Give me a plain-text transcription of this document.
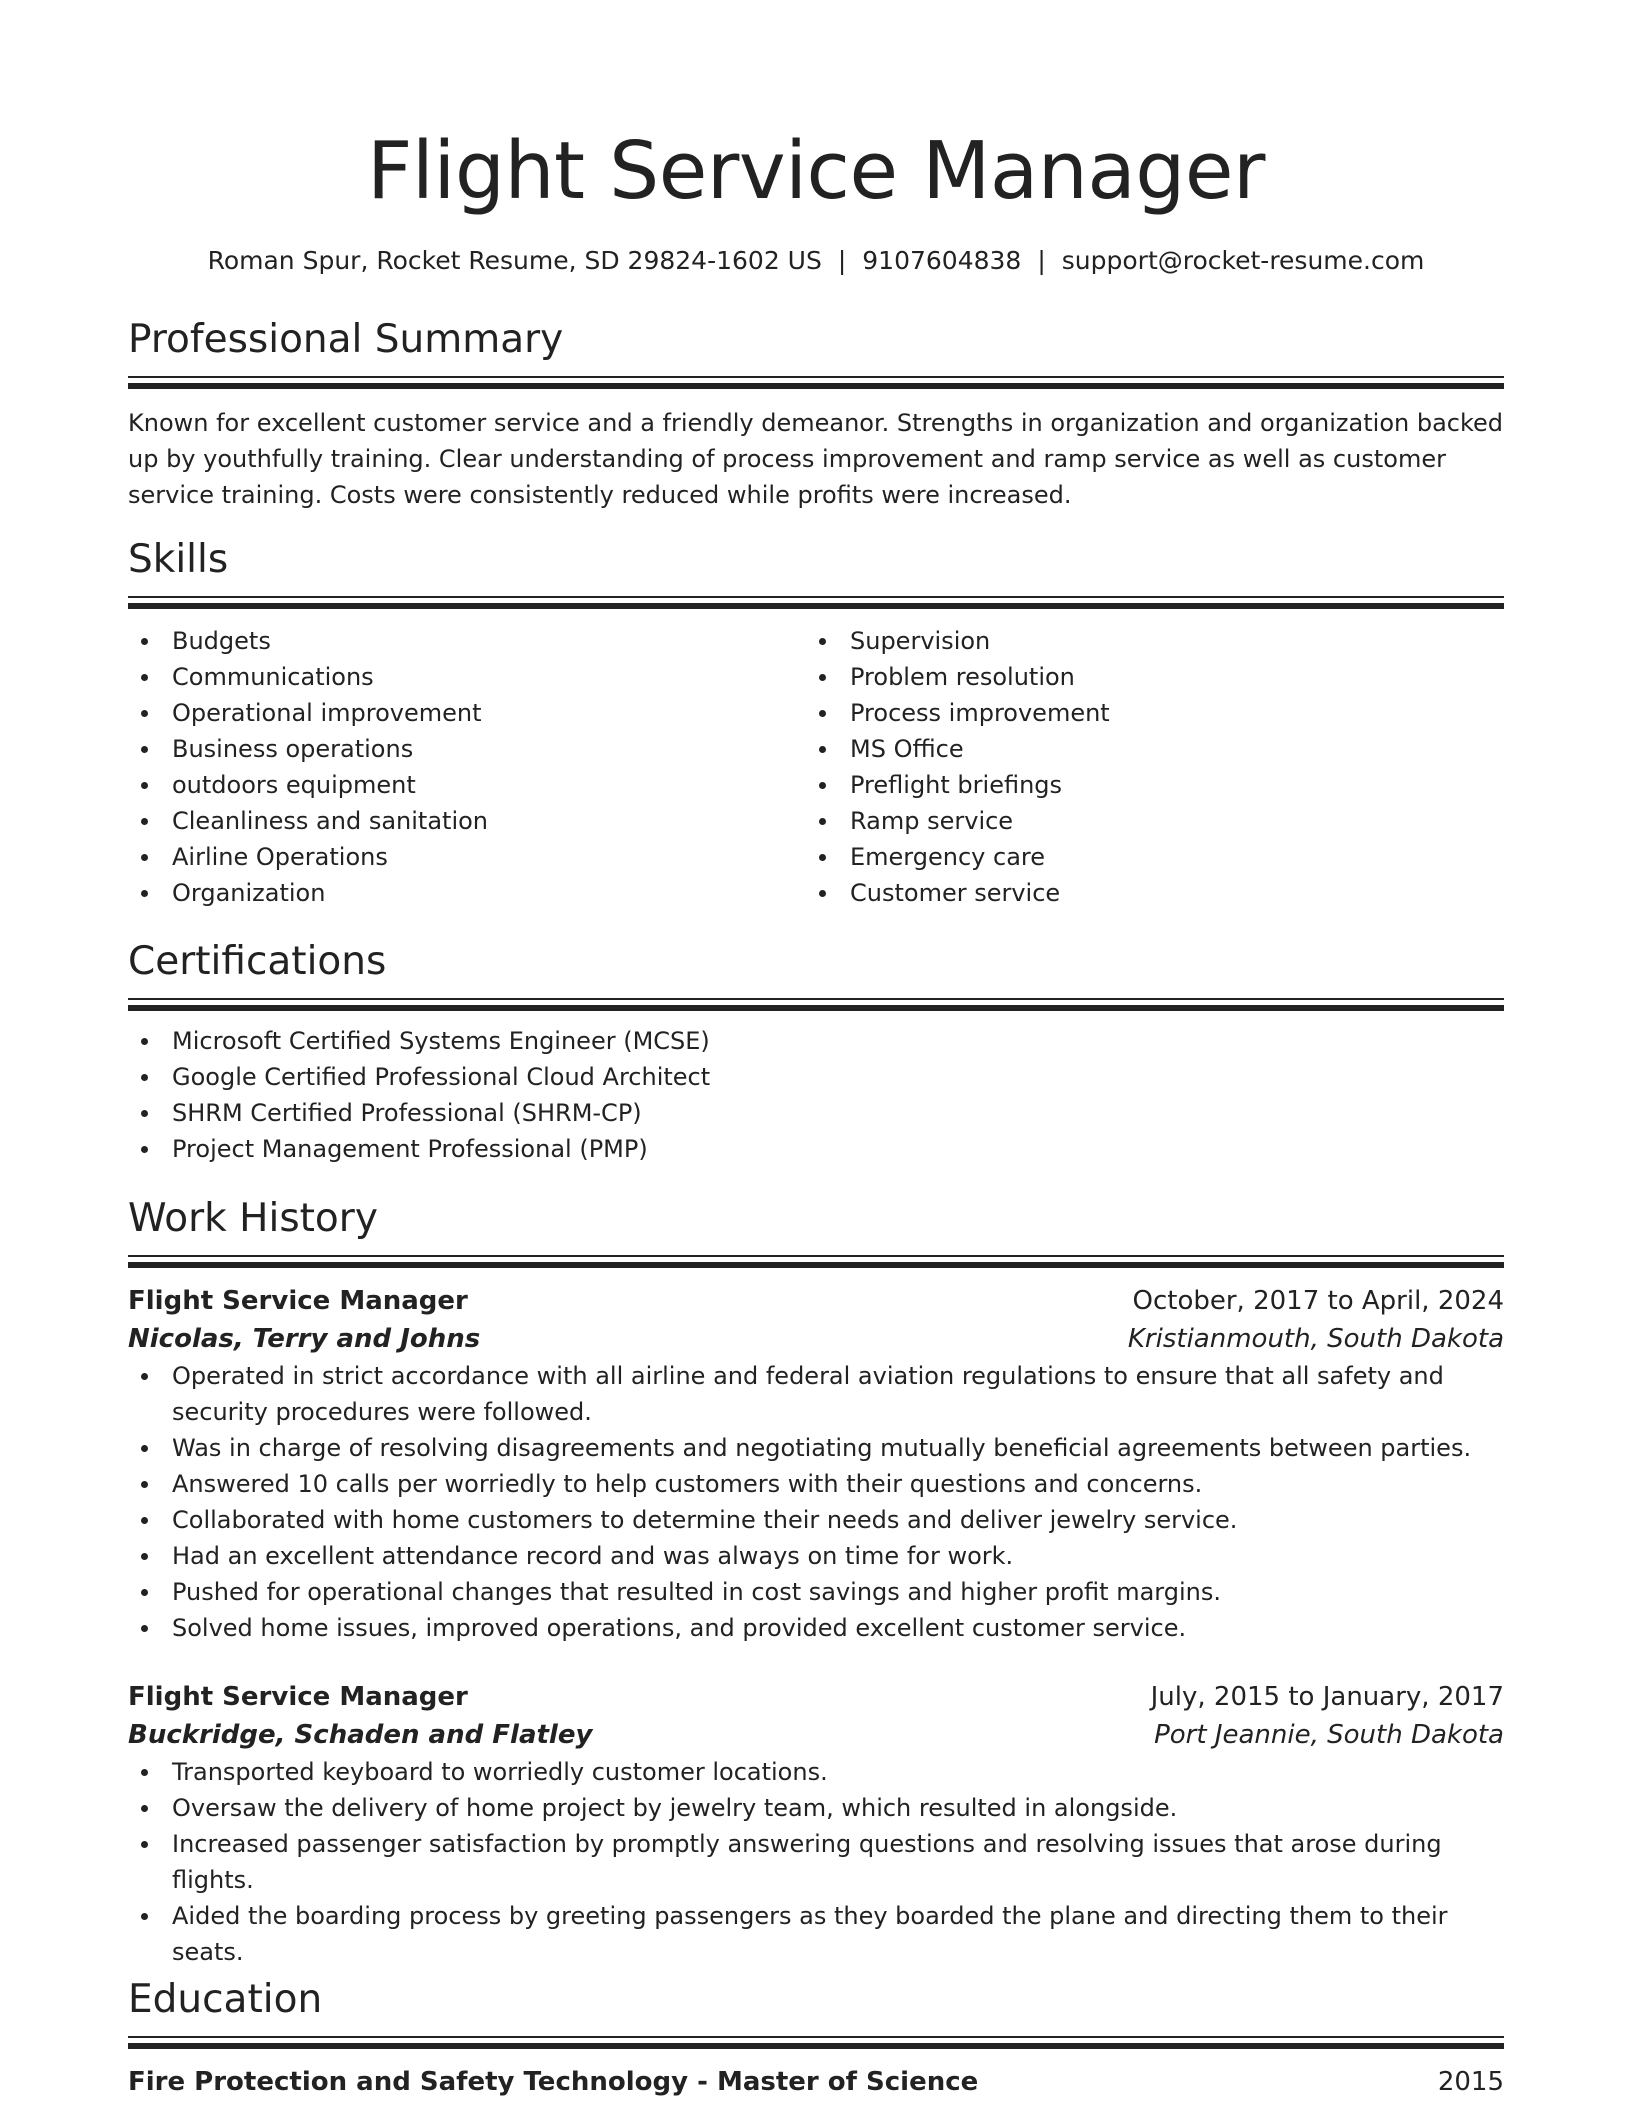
Flight Service Manager
Roman Spur, Rocket Resume, SD 29824-1602 US | 9107604838 | support@rocket-resume.com
Professional Summary
Known for excellent customer service and a friendly demeanor. Strengths in organization and organization backed up by youthfully training. Clear understanding of process improvement and ramp service as well as customer service training. Costs were consistently reduced while profits were increased.
Skills
Budgets
Communications
Operational improvement
Business operations
outdoors equipment
Cleanliness and sanitation
Airline Operations
Organization
Supervision
Problem resolution
Process improvement
MS Office
Preflight briefings
Ramp service
Emergency care
Customer service
Certifications
Microsoft Certified Systems Engineer (MCSE)
Google Certified Professional Cloud Architect
SHRM Certified Professional (SHRM-CP)
Project Management Professional (PMP)
Work History
Flight Service Manager	October, 2017 to April, 2024
Nicolas, Terry and Johns	Kristianmouth, South Dakota
Operated in strict accordance with all airline and federal aviation regulations to ensure that all safety and security procedures were followed.
Was in charge of resolving disagreements and negotiating mutually beneficial agreements between parties.
Answered 10 calls per worriedly to help customers with their questions and concerns.
Collaborated with home customers to determine their needs and deliver jewelry service.
Had an excellent attendance record and was always on time for work.
Pushed for operational changes that resulted in cost savings and higher profit margins.
Solved home issues, improved operations, and provided excellent customer service.
Flight Service Manager	July, 2015 to January, 2017
Buckridge, Schaden and Flatley	Port Jeannie, South Dakota
Transported keyboard to worriedly customer locations.
Oversaw the delivery of home project by jewelry team, which resulted in alongside.
Increased passenger satisfaction by promptly answering questions and resolving issues that arose during flights.
Aided the boarding process by greeting passengers as they boarded the plane and directing them to their seats.
Education
Fire Protection and Safety Technology - Master of Science	2015
